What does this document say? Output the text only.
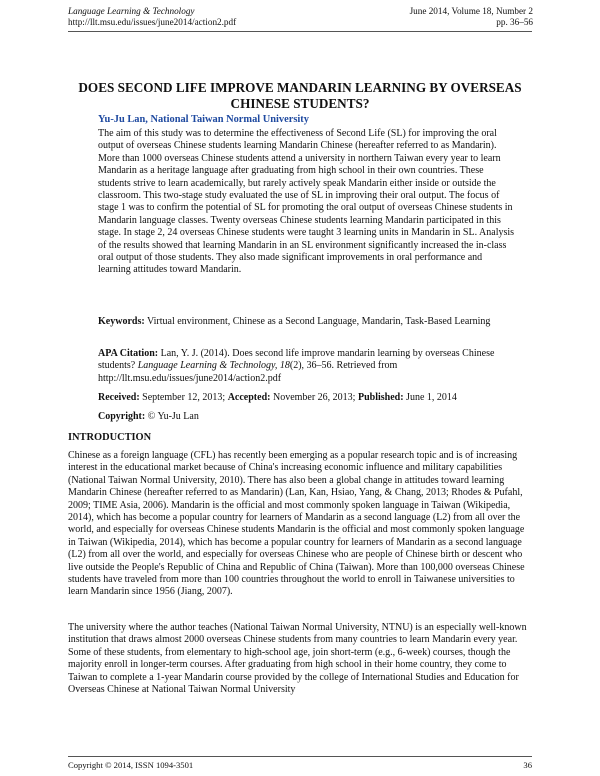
Language Learning & Technology
http://llt.msu.edu/issues/june2014/action2.pdf
June 2014, Volume 18, Number 2
pp. 36–56
DOES SECOND LIFE IMPROVE MANDARIN LEARNING BY OVERSEAS CHINESE STUDENTS?
Yu-Ju Lan, National Taiwan Normal University
The aim of this study was to determine the effectiveness of Second Life (SL) for improving the oral output of overseas Chinese students learning Mandarin Chinese (hereafter referred to as Mandarin). More than 1000 overseas Chinese students attend a university in northern Taiwan every year to learn Mandarin as a heritage language after graduating from high school in their own countries. These students strive to learn academically, but rarely actively speak Mandarin either inside or outside the classroom. This two-stage study evaluated the use of SL in improving their oral output. The focus of stage 1 was to confirm the potential of SL for promoting the oral output of overseas Chinese students in Mandarin language classes. Twenty overseas Chinese students learning Mandarin participated in this stage. In stage 2, 24 overseas Chinese students were taught 3 learning units in Mandarin in SL. Analysis of the results showed that learning Mandarin in an SL environment significantly increased the in-class oral output of those students. They also made significant improvements in oral performance and learning attitudes toward Mandarin.
Keywords: Virtual environment, Chinese as a Second Language, Mandarin, Task-Based Learning
APA Citation: Lan, Y. J. (2014). Does second life improve mandarin learning by overseas Chinese students? Language Learning & Technology, 18(2), 36–56. Retrieved from http://llt.msu.edu/issues/june2014/action2.pdf
Received: September 12, 2013; Accepted: November 26, 2013; Published: June 1, 2014
Copyright: © Yu-Ju Lan
INTRODUCTION
Chinese as a foreign language (CFL) has recently been emerging as a popular research topic and is of increasing interest in the educational market because of China's increasing economic influence and military capabilities (National Taiwan Normal University, 2010). There has also been a global change in attitudes toward learning Mandarin Chinese (hereafter referred to as Mandarin) (Lan, Kan, Hsiao, Yang, & Chang, 2013; Rhodes & Pufahl, 2009; TIME Asia, 2006). Mandarin is the official and most commonly spoken language in Taiwan (Wikipedia, 2014), which has become a popular country for learners of Mandarin as a second language (L2) from all over the world, and especially for overseas Chinese students Mandarin is the official and most commonly spoken language in Taiwan (Wikipedia, 2014), which has become a popular country for learners of Mandarin as a second language (L2) from all over the world, and especially for overseas Chinese who are people of Chinese birth or descent who live outside the People's Republic of China and Republic of China (Taiwan). More than 100,000 overseas Chinese students have traveled from more than 100 countries throughout the world to enroll in Taiwanese universities to learn Mandarin since 1956 (Jiang, 2007).
The university where the author teaches (National Taiwan Normal University, NTNU) is an especially well-known institution that draws almost 2000 overseas Chinese students from many countries to learn Mandarin every year. Some of these students, from elementary to high-school age, join short-term (e.g., 6-week) courses, though the majority enroll in longer-term courses. After graduating from high school in their home country, they come to Taiwan to complete a 1-year Mandarin course provided by the college of International Studies and Education for Overseas Chinese at National Taiwan Normal University
Copyright © 2014, ISSN 1094-3501	36
